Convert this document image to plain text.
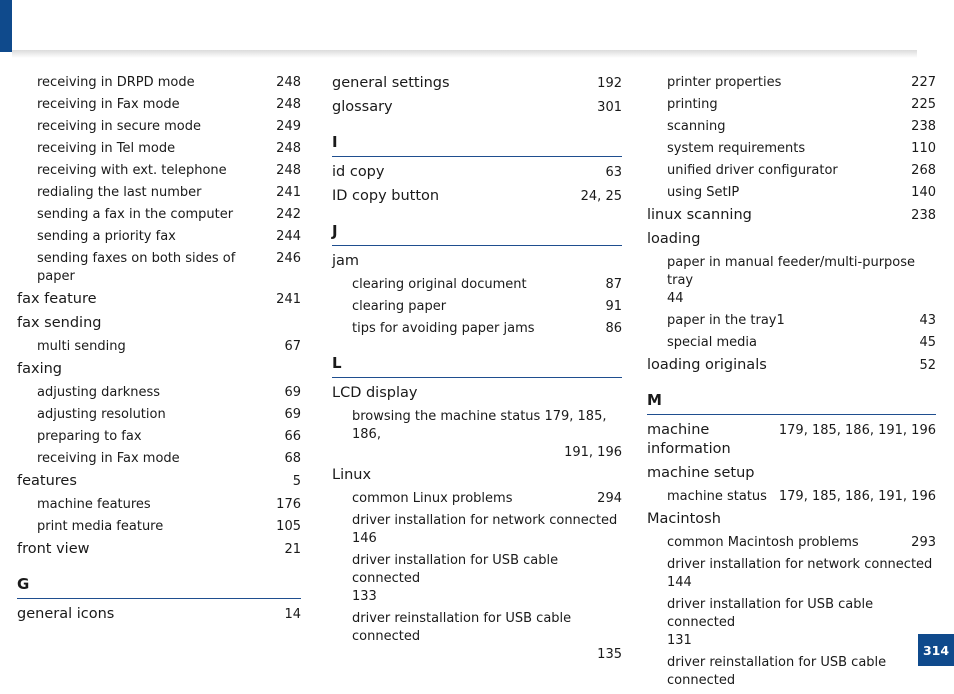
receiving in DRPD mode	248
receiving in Fax mode	248
receiving in secure mode	249
receiving in Tel mode	248
receiving with ext. telephone	248
redialing the last number	241
sending a fax in the computer	242
sending a priority fax	244
sending faxes on both sides of paper
246
fax feature	241
fax sending
multi sending	67
faxing
adjusting darkness	69
adjusting resolution	69
preparing to fax	66
receiving in Fax mode	68
features	5
machine features	176
print media feature	105
front view	21
G
general icons	14
general settings	192
glossary	301
I
id copy	63
ID copy button	24, 25
J
jam
clearing original document	87
clearing paper	91
tips for avoiding paper jams	86
L
LCD display
browsing the machine status 179, 185, 186,
191, 196
Linux
common Linux problems	294
driver installation for network connected
146
driver installation for USB cable connected
133
driver reinstallation for USB cable connected
135
printer properties	227
printing	225
scanning	238
system requirements	110
unified driver configurator	268
using SetIP	140
linux scanning	238
loading
paper in manual feeder/multi-purpose tray
44
paper in the tray1	43
special media	45
loading originals	52
M
machine information
179, 185, 186, 191, 196
machine setup
machine status 179, 185, 186, 191, 196
Macintosh
common Macintosh problems	293
driver installation for network connected
144
driver installation for USB cable connected
131
driver reinstallation for USB cable connected
314
